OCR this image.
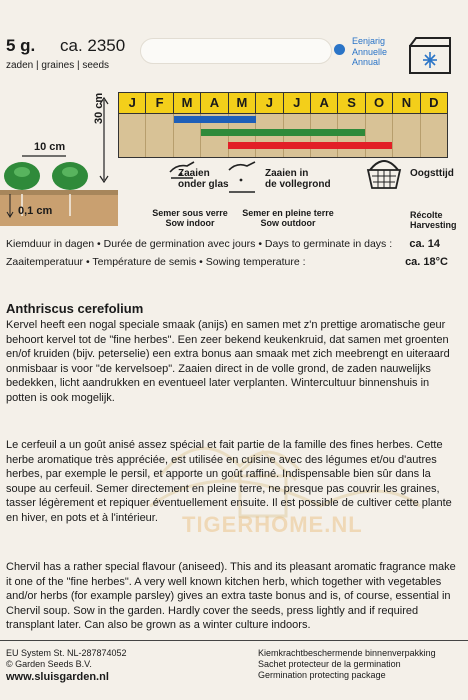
5 g. ca. 2350
zaden | graines | seeds
Eenjarig
Annuelle
Annual
30 cm
10 cm
0,1 cm
J	F	M	A	M	J	J	A	S	O	N	D
Zaaien
onder glas
Semer sous verre
Sow indoor
Zaaien in
de vollegrond
Semer en pleine terre
Sow outdoor
Oogsttijd
Récolte
Harvesting
Kiemduur in dagen • Durée de germination avec jours • Days to germinate in days : ca. 14
Zaaitemperatuur • Température de semis • Sowing temperature :	ca. 18°C
TIGERHOME.NL
Anthriscus cerefolium
Kervel heeft een nogal speciale smaak (anijs) en samen met z'n prettige aromatische geur behoort kervel tot de "fine herbes". Een zeer bekend keukenkruid, dat samen met groenten en/of kruiden (bijv. peterselie) een extra bonus aan smaak met zich meebrengt en uiteraard onmisbaar is voor "de kervelsoep". Zaaien direct in de volle grond, de zaden nauwelijks bedekken, licht aandrukken en eventueel later verplanten. Wintercultuur binnenshuis in potten is ook mogelijk.
Le cerfeuil a un goût anisé assez spécial et fait partie de la famille des fines herbes. Cette herbe aromatique très appréciée, est utilisée en cuisine avec des légumes et/ou d'autres herbes, par exemple le persil, et apporte un goût raffiné. Indispensable bien sûr dans la soupe au cerfeuil. Semer directement en pleine terre, ne presque pas couvrir les graines, tasser légèrement et repiquer éventuellement ensuite. Il est possible de cultiver cette plante en hiver, en pots et à l'intérieur.
Chervil has a rather special flavour (aniseed). This and its pleasant aromatic fragrance make it one of the "fine herbes". A very well known kitchen herb, which together with vegetables and/or herbs (for example parsley) gives an extra taste bonus and is, of course, essential in Chervil soup. Sow in the garden. Hardly cover the seeds, press lightly and if required transplant later. Can also be grown as a winter culture indoors.
EU System St. NL-287874052
© Garden Seeds B.V.
www.sluisgarden.nl
Kiemkrachtbeschermende binnenverpakking
Sachet protecteur de la germination
Germination protecting package
